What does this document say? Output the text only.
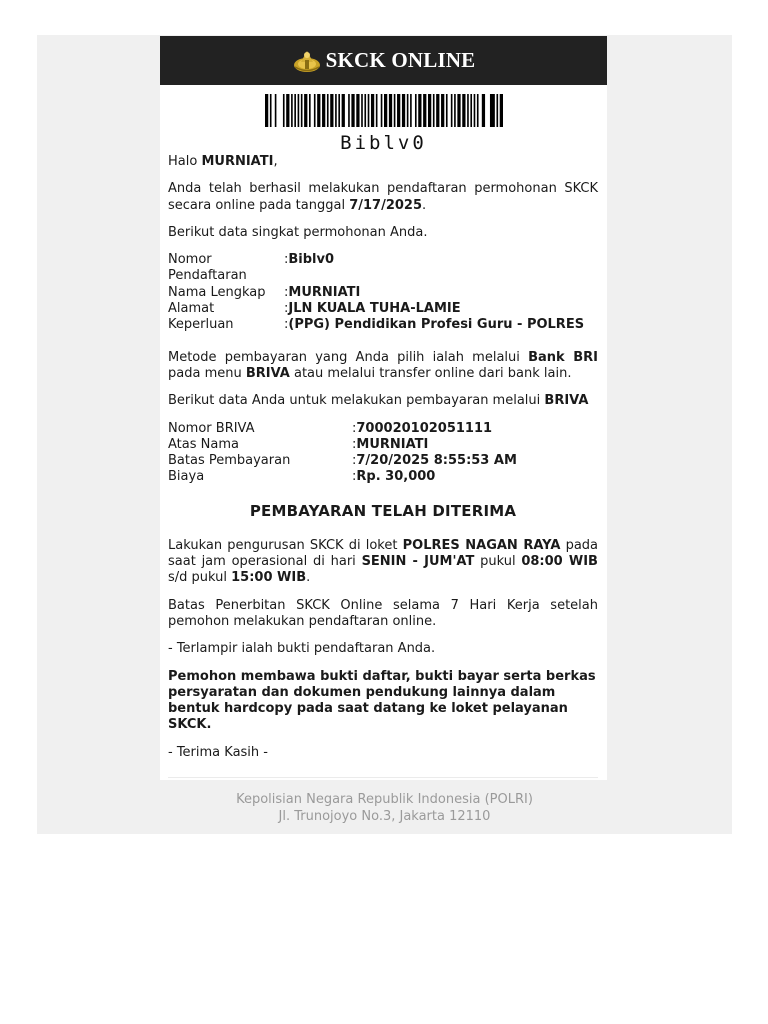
SKCK ONLINE
Biblv0

Halo MURNIATI,

Anda telah berhasil melakukan pendaftaran permohonan SKCK secara online pada tanggal 7/17/2025.

Berikut data singkat permohonan Anda.

Nomor Pendaftaran	:	Biblv0
Nama Lengkap	:	MURNIATI
Alamat	:	JLN KUALA TUHA-LAMIE
Keperluan	:	(PPG) Pendidikan Profesi Guru - POLRES

Metode pembayaran yang Anda pilih ialah melalui Bank BRI pada menu BRIVA atau melalui transfer online dari bank lain.

Berikut data Anda untuk melakukan pembayaran melalui BRIVA

Nomor BRIVA	:	700020102051111
Atas Nama	:	MURNIATI
Batas Pembayaran	:	7/20/2025 8:55:53 AM
Biaya	:	Rp. 30,000

PEMBAYARAN TELAH DITERIMA

Lakukan pengurusan SKCK di loket POLRES NAGAN RAYA pada saat jam operasional di hari SENIN - JUM'AT pukul 08:00 WIB s/d pukul 15:00 WIB.

Batas Penerbitan SKCK Online selama 7 Hari Kerja setelah pemohon melakukan pendaftaran online.

- Terlampir ialah bukti pendaftaran Anda.

Pemohon membawa bukti daftar, bukti bayar serta berkas persyaratan dan dokumen pendukung lainnya dalam bentuk hardcopy pada saat datang ke loket pelayanan SKCK.

- Terima Kasih -

Kepolisian Negara Republik Indonesia (POLRI)
Jl. Trunojoyo No.3, Jakarta 12110
